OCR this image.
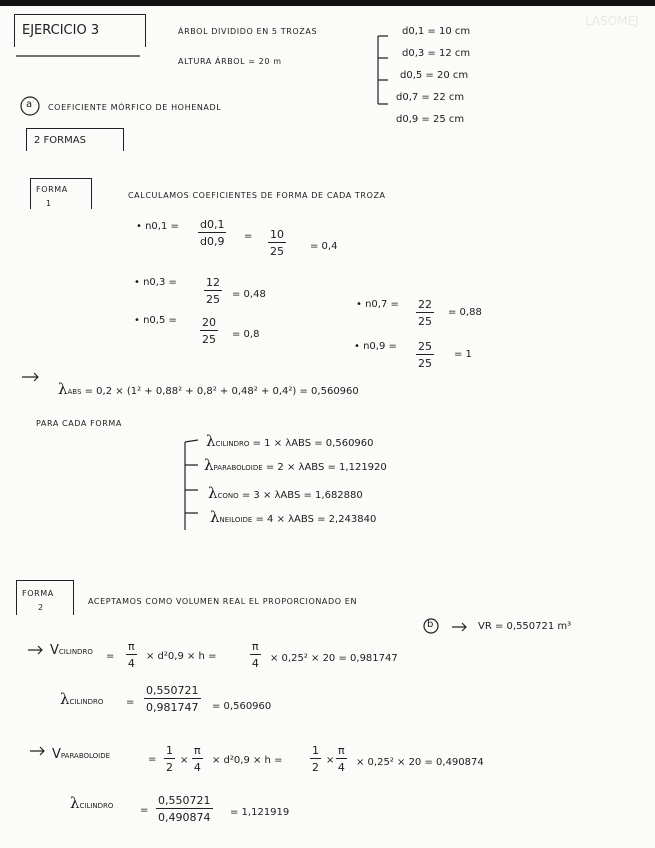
LASOMEJ
EJERCICIO 3	ÁRBOL DIVIDIDO EN 5 TROZAS
ALTURA ÁRBOL = 20 m
d0,1 = 10 cm
d0,3 = 12 cm
d0,5 = 20 cm
d0,7 = 22 cm
d0,9 = 25 cm
a COEFICIENTE MÓRFICO DE HOHENADL
2 FORMAS
FORMA
1
CALCULAMOS COEFICIENTES DE FORMA DE CADA TROZA
• $n0,1 = \frac{d0,1}{d0,9} = \frac{10}{25} = 0,4$
• $n0,3 = \frac{12}{25} = 0,48$
• $n0,5 = \frac{20}{25} = 0,8$
• $n0,7 = \frac{22}{25} = 0,88$
• $n0,9 = \frac{25}{25} = 1$
λABS = 0,2 × (1² + 0,88² + 0,8² + 0,48² + 0,4²) = 0,560960
PARA CADA FORMA
λCILINDRO = 1 × λABS = 0,560960
λPARABOLOIDE = 2 × λABS = 1,121920
λCONO = 3 × λABS = 1,682880
λNEILOIDE = 4 × λABS = 2,243840
FORMA
2
ACEPTAMOS COMO VOLUMEN REAL EL PROPORCIONADO EN
b	VR = 0,550721 m³
VCILINDRO = $\frac{\pi}{4} \times d^20,9 \times h$ =	$\frac{\pi}{4} \times 0,25^2 \times 20 = 0,981747$
λCILINDRO = $\frac{0,550721}{0,981747} = 0,560960$
VPARABOLOIDE	= $\frac{1}{2} \times \frac{\pi}{4} \times d^20,9 \times h$ =	$\frac{1}{2} \times \frac{\pi}{4} \times 0,25^2 \times 20 = 0,490874$
λCILINDRO	= $\frac{0,550721}{0,490874} = 1,121919$
